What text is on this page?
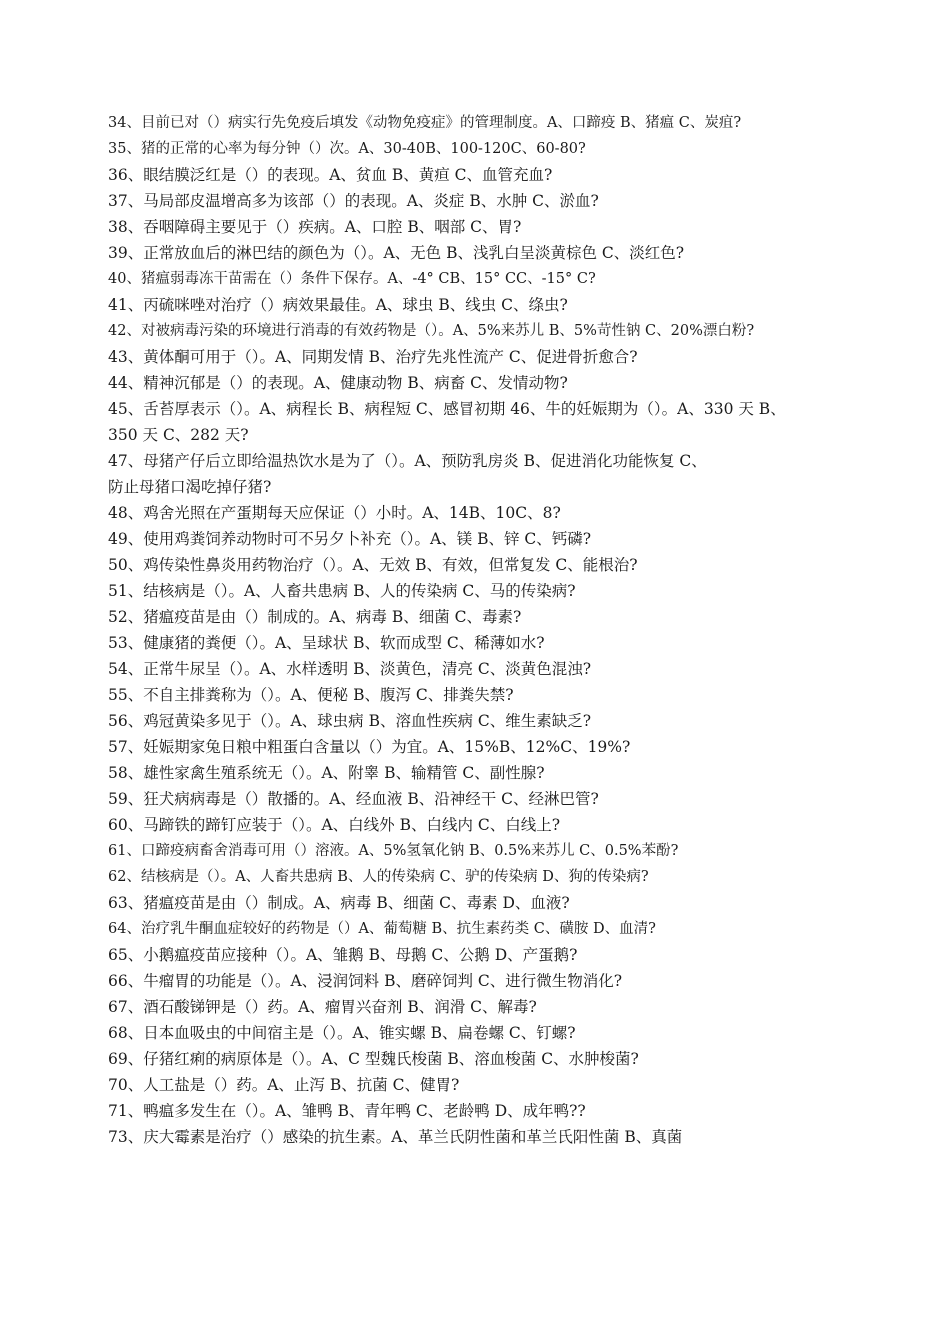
34、目前已对（）病实行先免疫后填发《动物免疫症》的管理制度。A、口蹄疫 B、猪瘟 C、炭疽?
35、猪的正常的心率为每分钟（）次。A、30-40B、100-120C、60-80?
36、眼结膜泛红是（）的表现。A、贫血 B、黄疸 C、血管充血?
37、马局部皮温增高多为该部（）的表现。A、炎症 B、水肿 C、淤血?
38、吞咽障碍主要见于（）疾病。A、口腔 B、咽部 C、胃?
39、正常放血后的淋巴结的颜色为（）。A、无色 B、浅乳白呈淡黄棕色 C、淡红色?
40、猪瘟弱毒冻干苗需在（）条件下保存。A、-4° CB、15° CC、-15° C?
41、丙硫咪唑对治疗（）病效果最佳。A、球虫 B、线虫 C、绦虫?
42、对被病毒污染的环境进行消毒的有效药物是（）。A、5%来苏儿 B、5%苛性钠 C、20%漂白粉?
43、黄体酮可用于（）。A、同期发情 B、治疗先兆性流产 C、促进骨折愈合?
44、精神沉郁是（）的表现。A、健康动物 B、病畜 C、发情动物?
45、舌苔厚表示（）。A、病程长 B、病程短 C、感冒初期 46、牛的妊娠期为（）。A、330 天 B、
350 天 C、282 天?
47、母猪产仔后立即给温热饮水是为了（）。A、预防乳房炎 B、促进消化功能恢复 C、
防止母猪口渴吃掉仔猪?
48、鸡舍光照在产蛋期每天应保证（）小时。A、14B、10C、8?
49、使用鸡粪饲养动物时可不另夕卜补充（）。A、镁 B、锌 C、钙磷?
50、鸡传染性鼻炎用药物治疗（）。A、无效 B、有效，但常复发 C、能根治?
51、结核病是（）。A、人畜共患病 B、人的传染病 C、马的传染病?
52、猪瘟疫苗是由（）制成的。A、病毒 B、细菌 C、毒素?
53、健康猪的粪便（）。A、呈球状 B、软而成型 C、稀薄如水?
54、正常牛尿呈（）。A、水样透明 B、淡黄色，清亮 C、淡黄色混浊?
55、不自主排粪称为（）。A、便秘 B、腹泻 C、排粪失禁?
56、鸡冠黄染多见于（）。A、球虫病 B、溶血性疾病 C、维生素缺乏?
57、妊娠期家兔日粮中粗蛋白含量以（）为宜。A、15%B、12%C、19%?
58、雄性家禽生殖系统无（）。A、附睾 B、输精管 C、副性腺?
59、狂犬病病毒是（）散播的。A、经血液 B、沿神经干 C、经淋巴管?
60、马蹄铁的蹄钉应装于（）。A、白线外 B、白线内 C、白线上?
61、口蹄疫病畜舍消毒可用（）溶液。A、5%氢氧化钠 B、0.5%来苏儿 C、0.5%苯酚?
62、结核病是（）。A、人畜共患病 B、人的传染病 C、驴的传染病 D、狗的传染病?
63、猪瘟疫苗是由（）制成。A、病毒 B、细菌 C、毒素 D、血液?
64、治疗乳牛酮血症较好的药物是（）A、葡萄糖 B、抗生素药类 C、磺胺 D、血清?
65、小鹅瘟疫苗应接种（）。A、雏鹅 B、母鹅 C、公鹅 D、产蛋鹅?
66、牛瘤胃的功能是（）。A、浸润饲料 B、磨碎饲判 C、进行微生物消化?
67、酒石酸锑钾是（）药。A、瘤胃兴奋剂 B、润滑 C、解毒?
68、日本血吸虫的中间宿主是（）。A、锥实螺 B、扁卷螺 C、钉螺?
69、仔猪红痢的病原体是（）。A、C 型魏氏梭菌 B、溶血梭菌 C、水肿梭菌?
70、人工盐是（）药。A、止泻 B、抗菌 C、健胃?
71、鸭瘟多发生在（）。A、雏鸭 B、青年鸭 C、老龄鸭 D、成年鸭??
73、庆大霉素是治疗（）感染的抗生素。A、革兰氏阴性菌和革兰氏阳性菌 B、真菌
